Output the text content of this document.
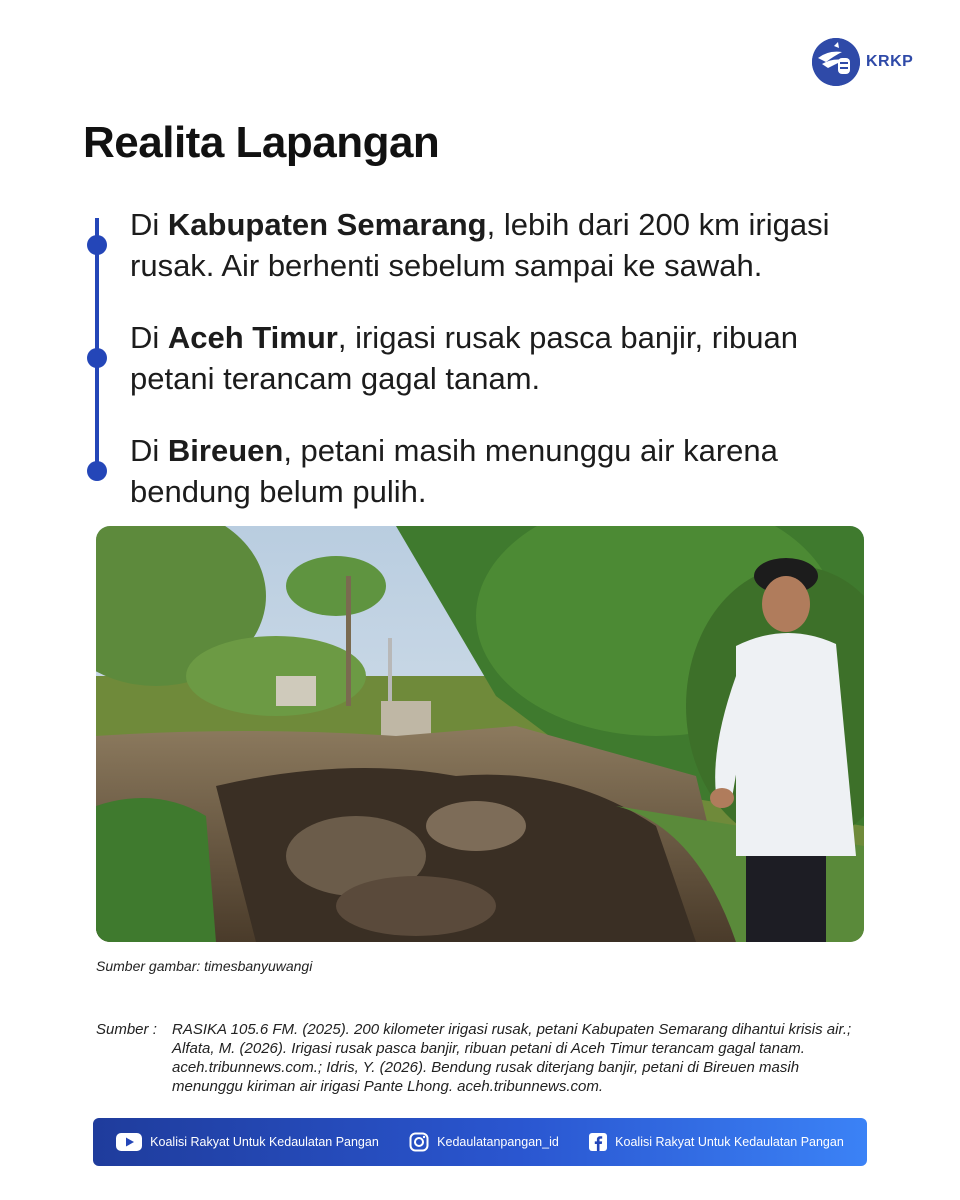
KRKP
Realita Lapangan
Di Kabupaten Semarang, lebih dari 200 km irigasi rusak. Air berhenti sebelum sampai ke sawah.
Di Aceh Timur, irigasi rusak pasca banjir, ribuan petani terancam gagal tanam.
Di Bireuen, petani masih menunggu air karena bendung belum pulih.
Sumber gambar: timesbanyuwangi
Sumber :	RASIKA 105.6 FM. (2025). 200 kilometer irigasi rusak, petani Kabupaten Semarang dihantui krisis air.; Alfata, M. (2026). Irigasi rusak pasca banjir, ribuan petani di Aceh Timur terancam gagal tanam. aceh.tribunnews.com.; Idris, Y. (2026). Bendung rusak diterjang banjir, petani di Bireuen masih menunggu kiriman air irigasi Pante Lhong. aceh.tribunnews.com.
Koalisi Rakyat Untuk Kedaulatan Pangan	Kedaulatanpangan_id	Koalisi Rakyat Untuk Kedaulatan Pangan
